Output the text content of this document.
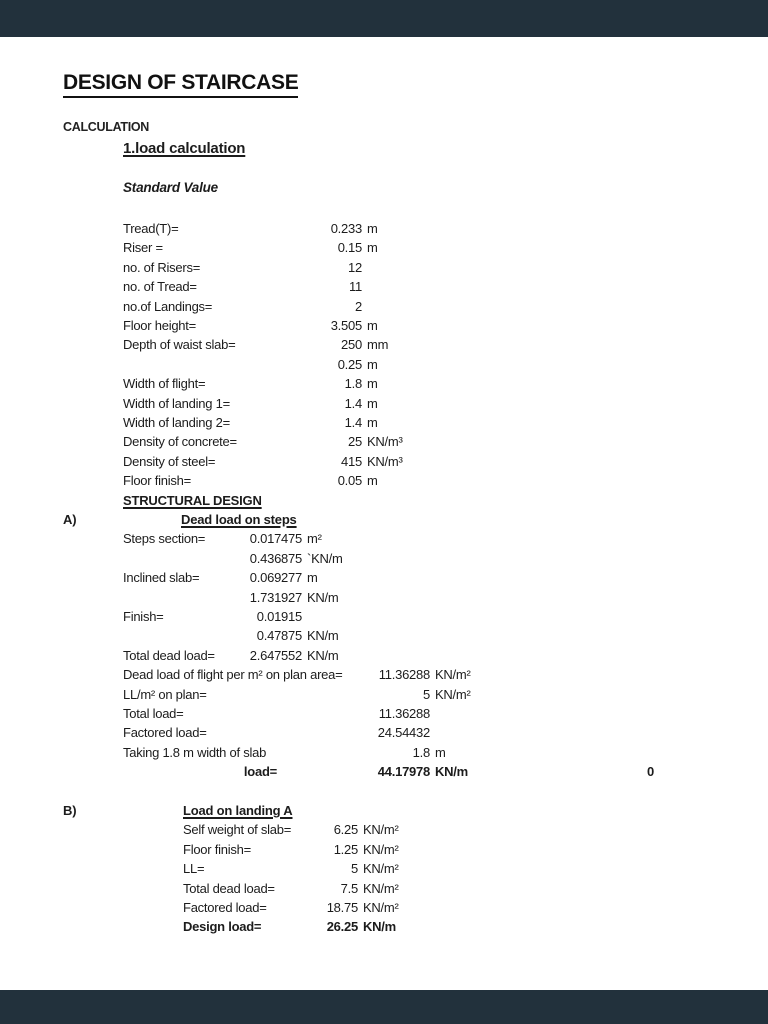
DESIGN OF STAIRCASE
CALCULATION
1.load calculation
Standard Value
Tread(T)=	0.233 m
Riser =	0.15 m
no. of Risers=	12
no. of Tread=	11
no.of Landings=	2
Floor height=	3.505 m
Depth of waist slab=	250 mm
0.25 m
Width of flight=	1.8 m
Width of landing 1=	1.4 m
Width of landing 2=	1.4 m
Density of concrete=	25 KN/m³
Density of steel=	415 KN/m³
Floor finish=	0.05 m
STRUCTURAL DESIGN
A)	Dead load on steps
Steps section=	0.017475 m²
0.436875 `KN/m
Inclined slab=	0.069277 m
1.731927 KN/m
Finish=	0.01915
0.47875 KN/m
Total dead load=	2.647552 KN/m
Dead load of flight per m² on plan area=	11.36288 KN/m²
LL/m² on plan=	5 KN/m²
Total load=	11.36288
Factored load=	24.54432
Taking 1.8 m width of slab	1.8 m
load=	44.17978 KN/m	0
B)	Load on landing A
Self weight of slab=	6.25 KN/m²
Floor finish=	1.25 KN/m²
LL=	5 KN/m²
Total dead load=	7.5 KN/m²
Factored load=	18.75 KN/m²
Design load=	26.25 KN/m
